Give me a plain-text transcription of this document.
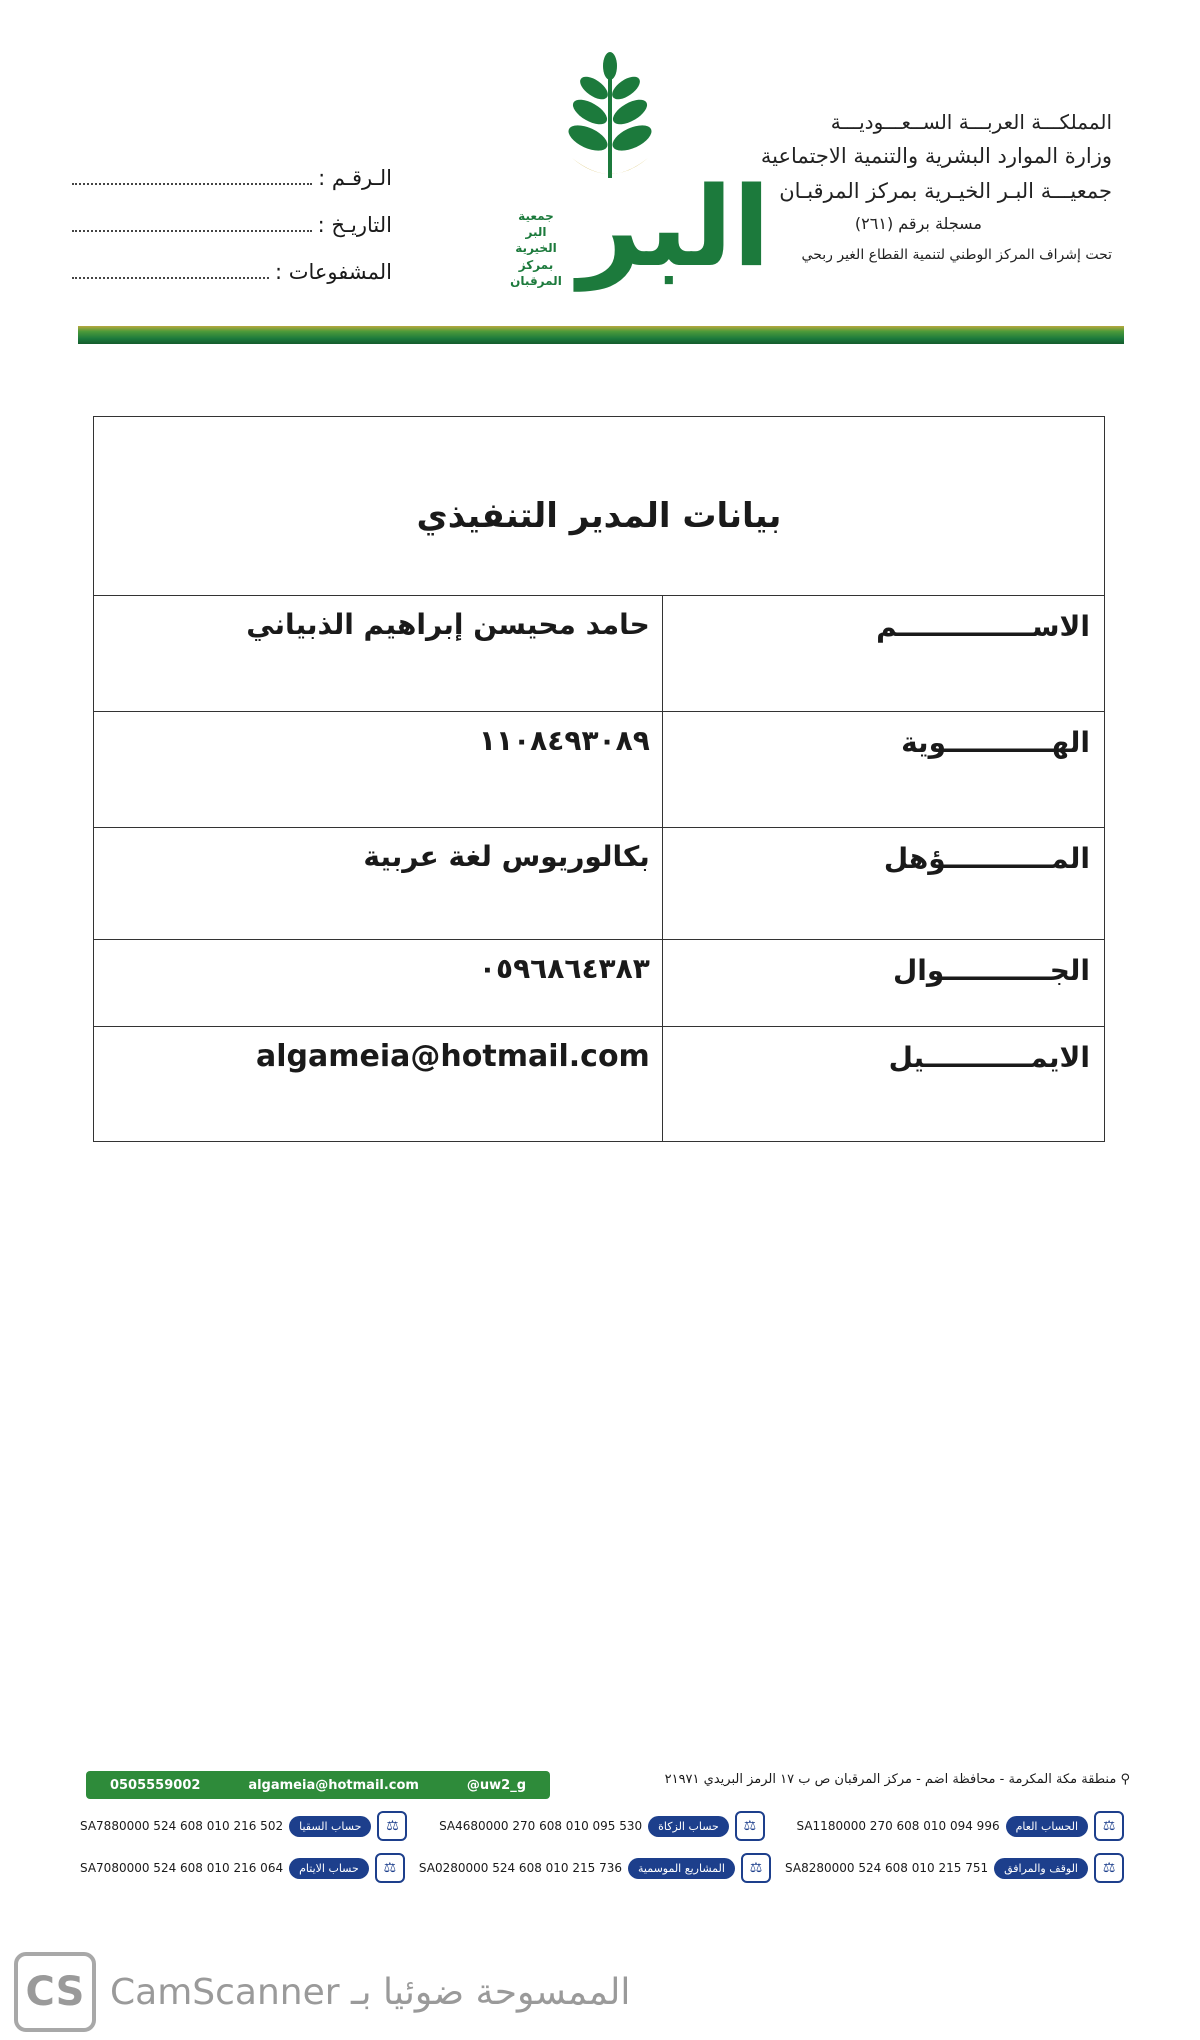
المملكـــة العربـــة الســعـــوديـــة
وزارة الموارد البشرية والتنمية الاجتماعية
جمعيـــة البـر الخيـرية بمركز المرقبـان
مسجلة برقم (٢٦١)
تحت إشراف المركز الوطني لتنمية القطاع الغير ربحي
البر
جمعية
البر
الخيرية
بمركز
المرقبان
الـرقـم :
التاريـخ :
المشفوعات :
بيانات المدير التنفيذي	
الاســــــــــــــم	حامد محيسن إبراهيم الذبياني
الهـــــــــــوية	١١٠٨٤٩٣٠٨٩
المـــــــــــؤهل	بكالوريوس لغة عربية
الجـــــــــــوال	٠٥٩٦٨٦٤٣٨٣
الايمـــــــــــيل	algameia@hotmail.com
⚲ منطقة مكة المكرمة - محافظة اضم - مركز المرقبان ص ب ١٧ الرمز البريدي ٢١٩٧١
0505559002	algameia@hotmail.com	@uw2_g
⚖
الحساب العام
SA1180000 270 608 010 094 996
⚖
حساب الزكاة
SA4680000 270 608 010 095 530
⚖
حساب السقيا
SA7880000 524 608 010 216 502
⚖
الوقف والمرافق
SA8280000 524 608 010 215 751
⚖
المشاريع الموسمية
SA0280000 524 608 010 215 736
⚖
حساب الايتام
SA7080000 524 608 010 216 064
CS CamScanner الممسوحة ضوئيا بـ
